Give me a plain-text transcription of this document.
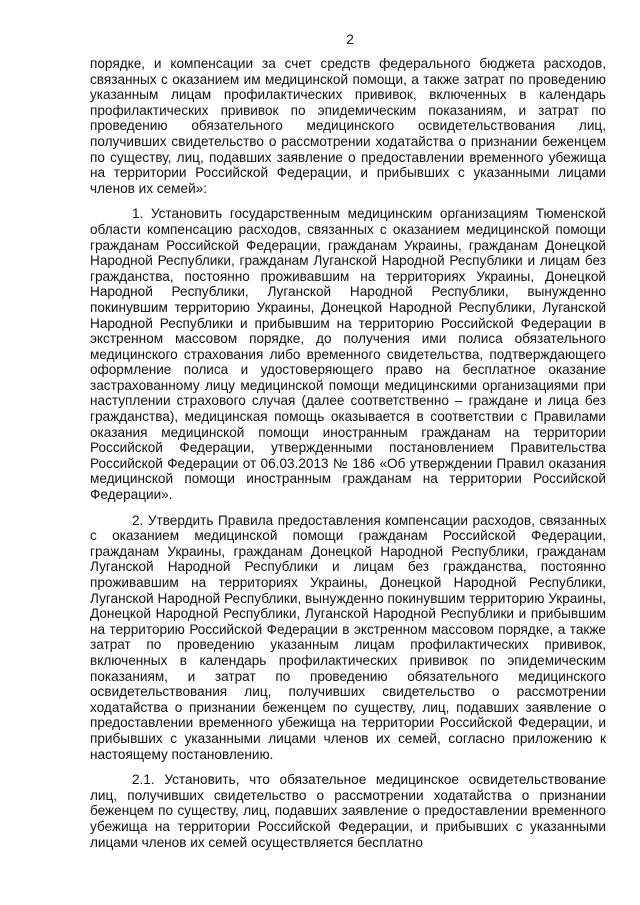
2

порядке, и компенсации за счет средств федерального бюджета расходов, связанных с оказанием им медицинской помощи, а также затрат по проведению указанным лицам профилактических прививок, включенных в календарь профилактических прививок по эпидемическим показаниям, и затрат по проведению обязательного медицинского освидетельствования лиц, получивших свидетельство о рассмотрении ходатайства о признании беженцем по существу, лиц, подавших заявление о предоставлении временного убежища на территории Российской Федерации, и прибывших с указанными лицами членов их семей»:

1. Установить государственным медицинским организациям Тюменской области компенсацию расходов, связанных с оказанием медицинской помощи гражданам Российской Федерации, гражданам Украины, гражданам Донецкой Народной Республики, гражданам Луганской Народной Республики и лицам без гражданства, постоянно проживавшим на территориях Украины, Донецкой Народной Республики, Луганской Народной Республики, вынужденно покинувшим территорию Украины, Донецкой Народной Республики, Луганской Народной Республики и прибывшим на территорию Российской Федерации в экстренном массовом порядке, до получения ими полиса обязательного медицинского страхования либо временного свидетельства, подтверждающего оформление полиса и удостоверяющего право на бесплатное оказание застрахованному лицу медицинской помощи медицинскими организациями при наступлении страхового случая (далее соответственно – граждане и лица без гражданства), медицинская помощь оказывается в соответствии с Правилами оказания медицинской помощи иностранным гражданам на территории Российской Федерации, утвержденными постановлением Правительства Российской Федерации от 06.03.2013 № 186 «Об утверждении Правил оказания медицинской помощи иностранным гражданам на территории Российской Федерации».

2. Утвердить Правила предоставления компенсации расходов, связанных с оказанием медицинской помощи гражданам Российской Федерации, гражданам Украины, гражданам Донецкой Народной Республики, гражданам Луганской Народной Республики и лицам без гражданства, постоянно проживавшим на территориях Украины, Донецкой Народной Республики, Луганской Народной Республики, вынужденно покинувшим территорию Украины, Донецкой Народной Республики, Луганской Народной Республики и прибывшим на территорию Российской Федерации в экстренном массовом порядке, а также затрат по проведению указанным лицам профилактических прививок, включенных в календарь профилактических прививок по эпидемическим показаниям, и затрат по проведению обязательного медицинского освидетельствования лиц, получивших свидетельство о рассмотрении ходатайства о признании беженцем по существу, лиц, подавших заявление о предоставлении временного убежища на территории Российской Федерации, и прибывших с указанными лицами членов их семей, согласно приложению к настоящему постановлению.

2.1. Установить, что обязательное медицинское освидетельствование лиц, получивших свидетельство о рассмотрении ходатайства о признании беженцем по существу, лиц, подавших заявление о предоставлении временного убежища на территории Российской Федерации, и прибывших с указанными лицами членов их семей осуществляется бесплатно
